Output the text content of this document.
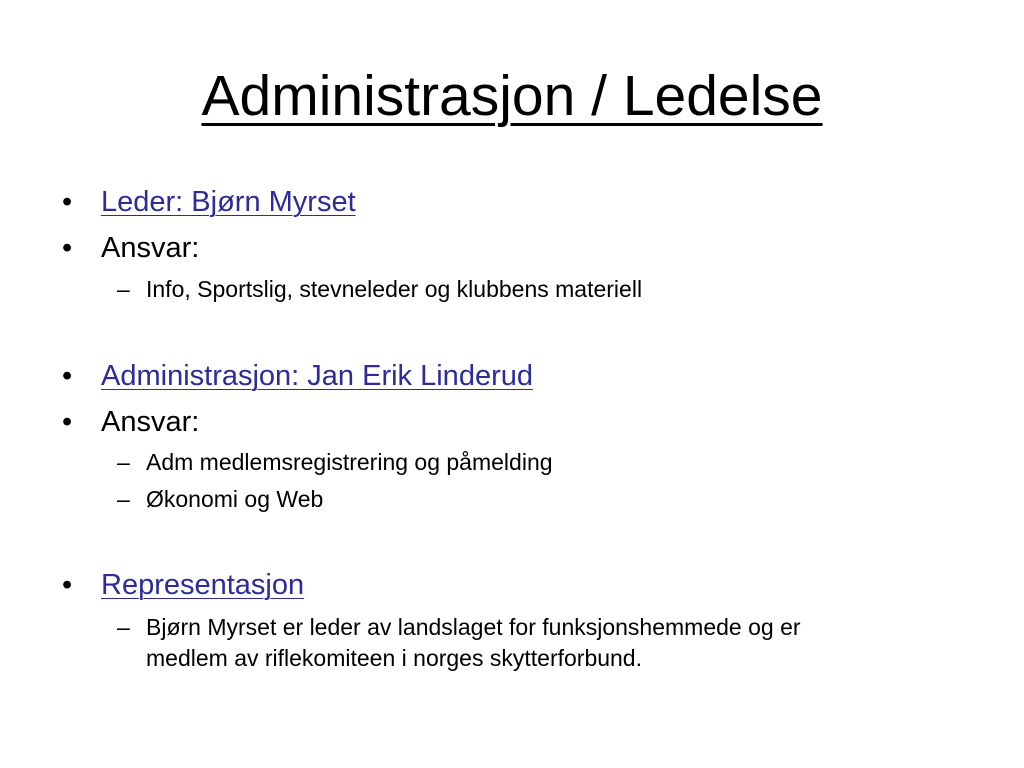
Administrasjon / Ledelse
• Leder: Bjørn Myrset
• Ansvar:
– Info, Sportslig, stevneleder og klubbens materiell
• Administrasjon: Jan Erik Linderud
• Ansvar:
– Adm medlemsregistrering og påmelding
– Økonomi og Web
• Representasjon
– Bjørn Myrset er leder av landslaget for funksjonshemmede og er
medlem av riflekomiteen i norges skytterforbund.
